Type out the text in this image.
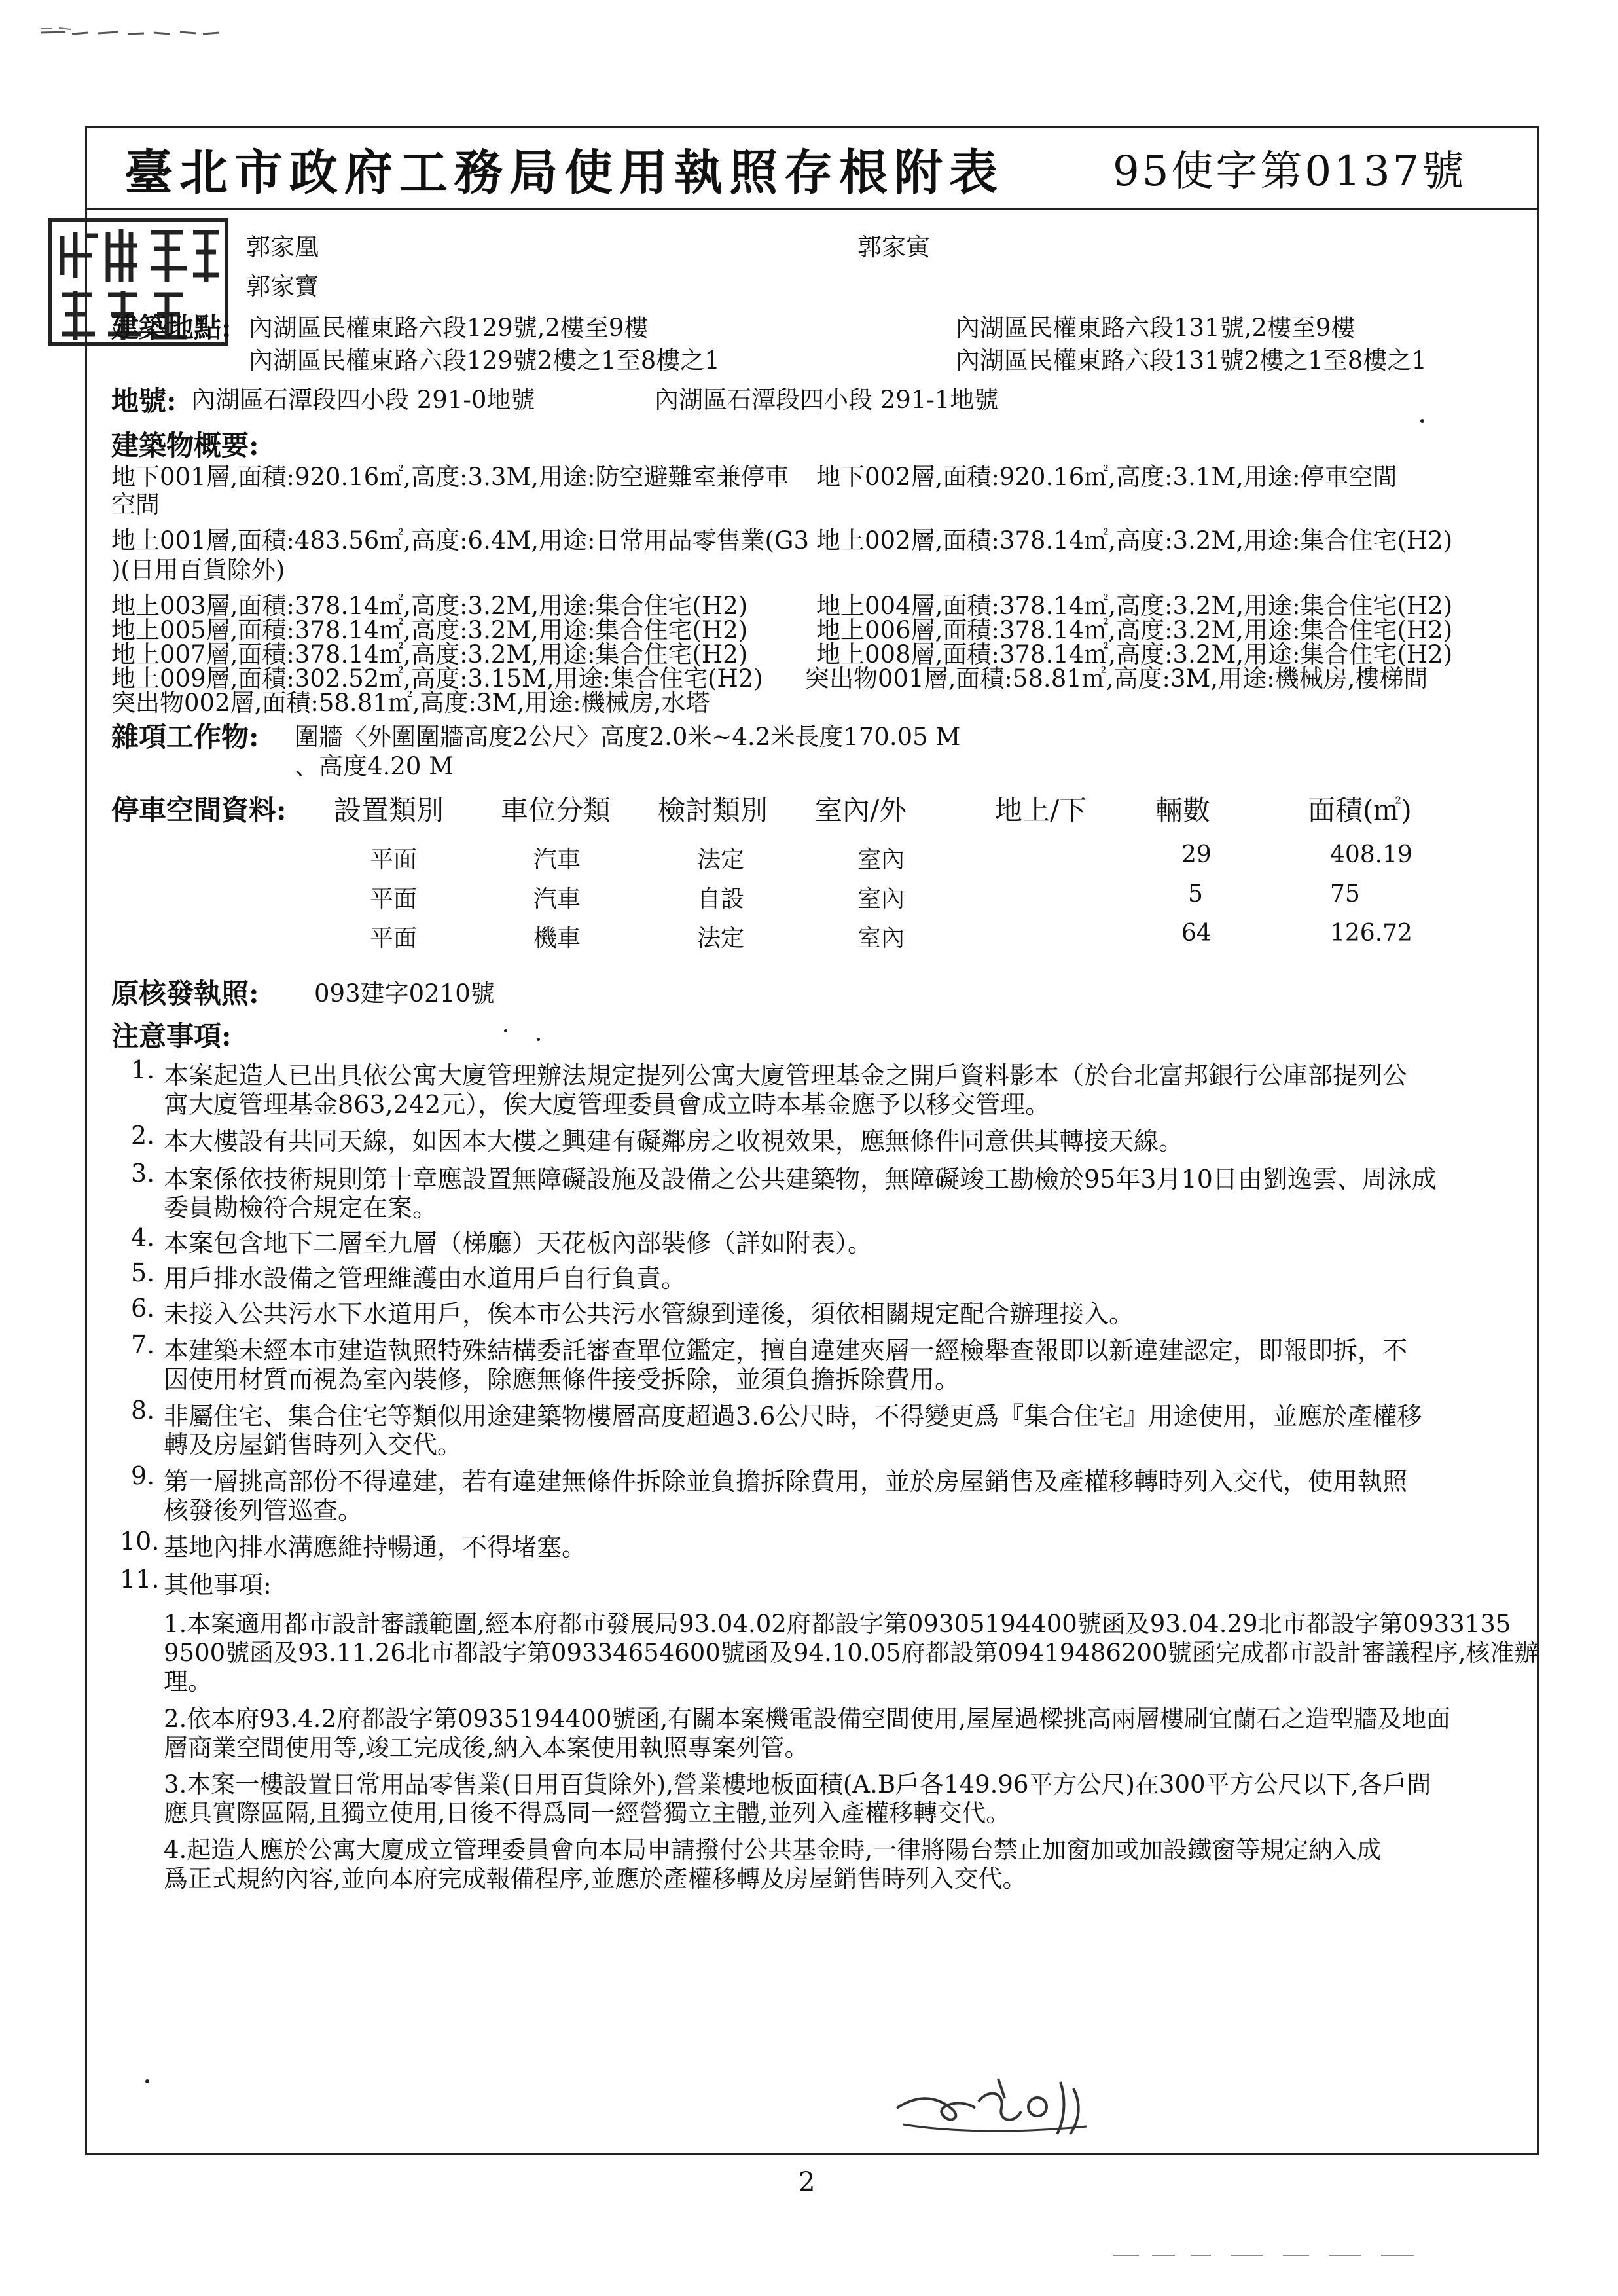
臺北市政府工務局使用執照存根附表	95使字第0137號
郭家凰
郭家寶
郭家寅
建築地點: 內湖區民權東路六段129號,2樓至9樓
內湖區民權東路六段129號2樓之1至8樓之1
內湖區民權東路六段131號,2樓至9樓
內湖區民權東路六段131號2樓之1至8樓之1
地號: 內湖區石潭段四小段 291-0地號	內湖區石潭段四小段 291-1地號
建築物概要:
地下001層,面積:920.16㎡,高度:3.3M,用途:防空避難室兼停車 地下002層,面積:920.16㎡,高度:3.1M,用途:停車空間
空間
地上001層,面積:483.56㎡,高度:6.4M,用途:日常用品零售業(G3 地上002層,面積:378.14㎡,高度:3.2M,用途:集合住宅(H2)
)(日用百貨除外)
地上003層,面積:378.14㎡,高度:3.2M,用途:集合住宅(H2)	地上004層,面積:378.14㎡,高度:3.2M,用途:集合住宅(H2)
地上005層,面積:378.14㎡,高度:3.2M,用途:集合住宅(H2)	地上006層,面積:378.14㎡,高度:3.2M,用途:集合住宅(H2)
地上007層,面積:378.14㎡,高度:3.2M,用途:集合住宅(H2)	地上008層,面積:378.14㎡,高度:3.2M,用途:集合住宅(H2)
地上009層,面積:302.52㎡,高度:3.15M,用途:集合住宅(H2) 突出物001層,面積:58.81㎡,高度:3M,用途:機械房,樓梯間
突出物002層,面積:58.81㎡,高度:3M,用途:機械房,水塔
雜項工作物: 圍牆〈外圍圍牆高度2公尺〉高度2.0米~4.2米長度170.05 M
、高度4.20 M
停車空間資料: 設置類別 車位分類 檢討類別 室內/外	地上/下 輛數	面積(㎡)
平面	汽車	法定	室內	29	408.19
平面	汽車	自設	室內	5	75
平面	機車	法定	室內	64	126.72
原核發執照: 093建字0210號
注意事項:
1. 本案起造人已出具依公寓大廈管理辦法規定提列公寓大廈管理基金之開戶資料影本（於台北富邦銀行公庫部提列公
寓大廈管理基金863,242元），俟大廈管理委員會成立時本基金應予以移交管理。
2. 本大樓設有共同天線，如因本大樓之興建有礙鄰房之收視效果，應無條件同意供其轉接天線。
3. 本案係依技術規則第十章應設置無障礙設施及設備之公共建築物，無障礙竣工勘檢於95年3月10日由劉逸雲、周泳成
委員勘檢符合規定在案。
4. 本案包含地下二層至九層（梯廳）天花板內部裝修（詳如附表）。
5. 用戶排水設備之管理維護由水道用戶自行負責。
6. 未接入公共污水下水道用戶，俟本市公共污水管線到達後，須依相關規定配合辦理接入。
7. 本建築未經本市建造執照特殊結構委託審查單位鑑定，擅自違建夾層一經檢舉查報即以新違建認定，即報即拆，不
因使用材質而視為室內裝修，除應無條件接受拆除，並須負擔拆除費用。
8. 非屬住宅、集合住宅等類似用途建築物樓層高度超過3.6公尺時，不得變更爲『集合住宅』用途使用，並應於產權移
轉及房屋銷售時列入交代。
9. 第一層挑高部份不得違建，若有違建無條件拆除並負擔拆除費用，並於房屋銷售及產權移轉時列入交代，使用執照
核發後列管巡查。
10. 基地內排水溝應維持暢通，不得堵塞。
11. 其他事項:
1.本案適用都市設計審議範圍,經本府都市發展局93.04.02府都設字第09305194400號函及93.04.29北市都設字第0933135
9500號函及93.11.26北市都設字第09334654600號函及94.10.05府都設第09419486200號函完成都市設計審議程序,核准辦
理。
2.依本府93.4.2府都設字第0935194400號函,有關本案機電設備空間使用,屋屋過樑挑高兩層樓刷宜蘭石之造型牆及地面
層商業空間使用等,竣工完成後,納入本案使用執照專案列管。
3.本案一樓設置日常用品零售業(日用百貨除外),營業樓地板面積(A.B戶各149.96平方公尺)在300平方公尺以下,各戶間
應具實際區隔,且獨立使用,日後不得爲同一經營獨立主體,並列入產權移轉交代。
4.起造人應於公寓大廈成立管理委員會向本局申請撥付公共基金時,一律將陽台禁止加窗加或加設鐵窗等規定納入成
爲正式規約內容,並向本府完成報備程序,並應於產權移轉及房屋銷售時列入交代。
2
